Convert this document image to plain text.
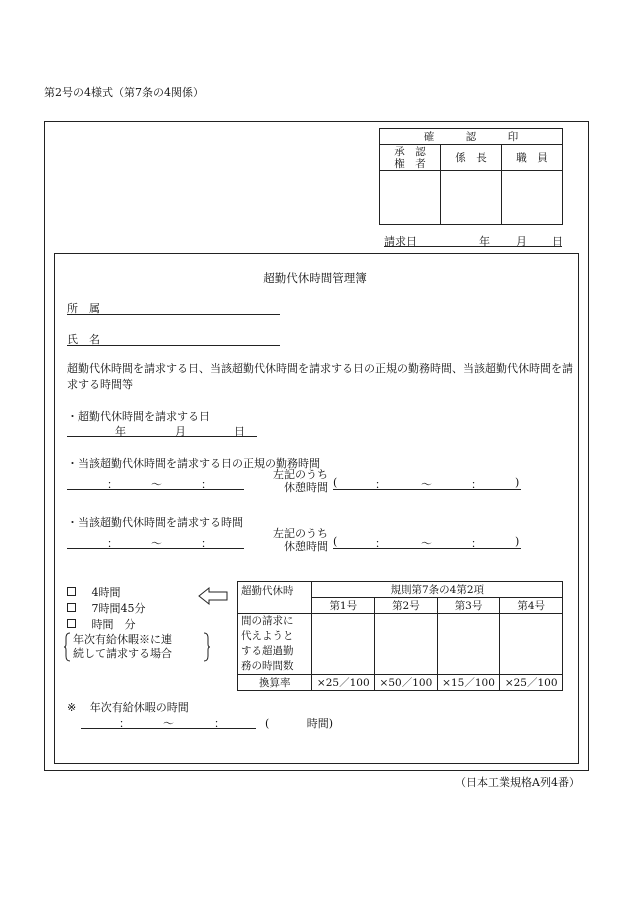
第2号の4様式（第7条の4関係）
確　　　認　　　印		

承　認
権　者	係　長	職　員

請求日	年 月 日
超勤代休時間管理簿
所　属
氏　名
超勤代休時間を請求する日、当該超勤代休時間を請求する日の正規の勤務時間、当該超勤代休時間を請求する時間等
・超勤代休時間を請求する日
年	月	日
・当該超勤代休時間を請求する日の正規の勤務時間
：	〜	：
左記のうち
休憩時間 (	：	〜	：	)
・当該超勤代休時間を請求する時間
：	〜	：
左記のうち
休憩時間 (	：	〜	：	)
4時間
7時間45分
時間　分
年次有給休暇※に連
続して請求する場合
超勤代休時	規則第7条の4第2項			
	第1号	第2号	第3号	第4号

間の請求に
代えようと
する超過勤
務の時間数				

換算率	×25／100	×50／100	×15／100	×25／100
※ 年次有給休暇の時間
：	〜	：	(	時間)
（日本工業規格A列4番）
